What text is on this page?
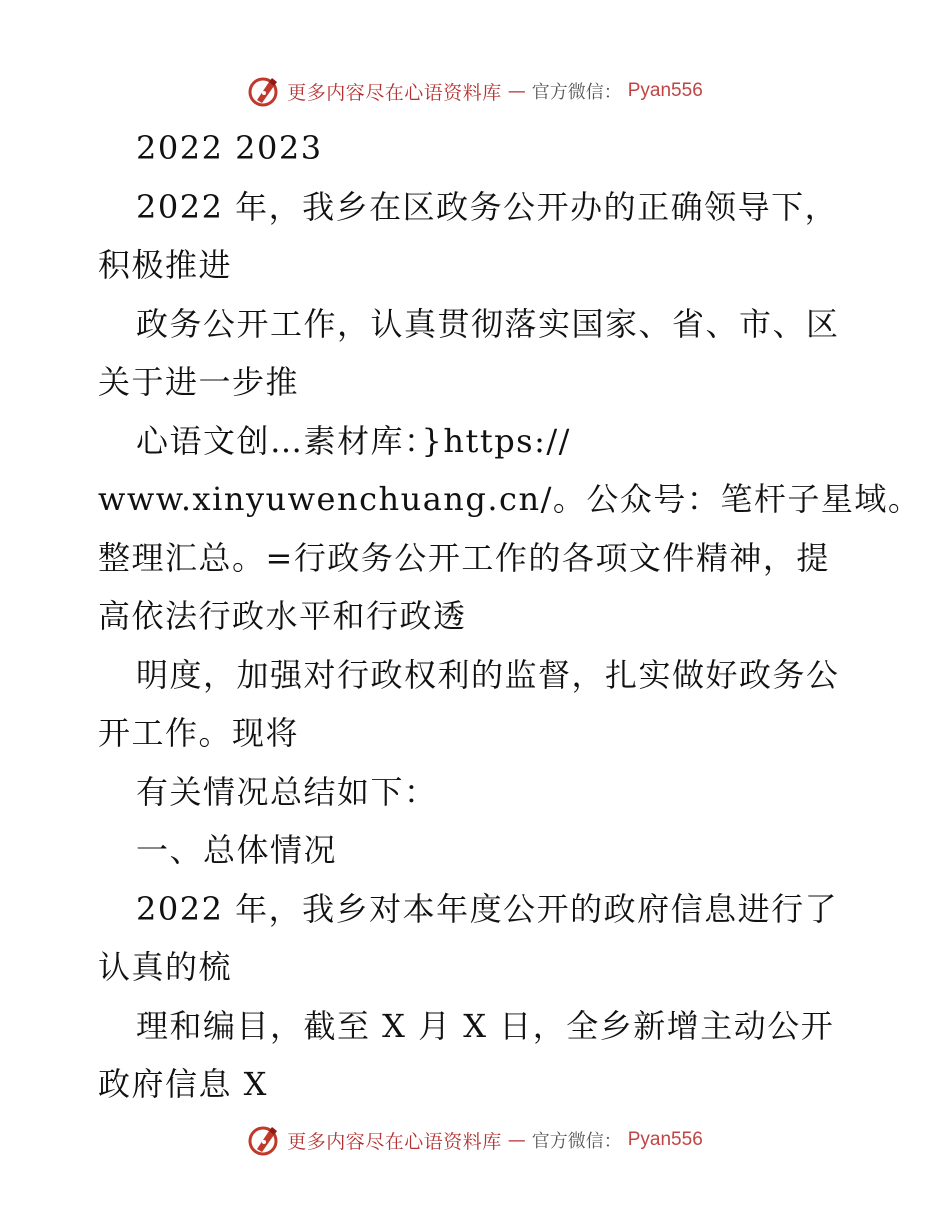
更多内容尽在心语资料库 — 官方微信： Pyan556
2022 2023
2022 年，我乡在区政务公开办的正确领导下，
积极推进
政务公开工作，认真贯彻落实国家、省、市、区
关于进一步推
心语文创…素材库：}https://
www.xinyuwenchuang.cn/。公众号：笔杆子星域。
整理汇总。=行政务公开工作的各项文件精神，提
高依法行政水平和行政透
明度，加强对行政权利的监督，扎实做好政务公
开工作。现将
有关情况总结如下：
一、总体情况
2022 年，我乡对本年度公开的政府信息进行了
认真的梳
理和编目，截至 X 月 X 日，全乡新增主动公开
政府信息 X
更多内容尽在心语资料库 — 官方微信： Pyan556
